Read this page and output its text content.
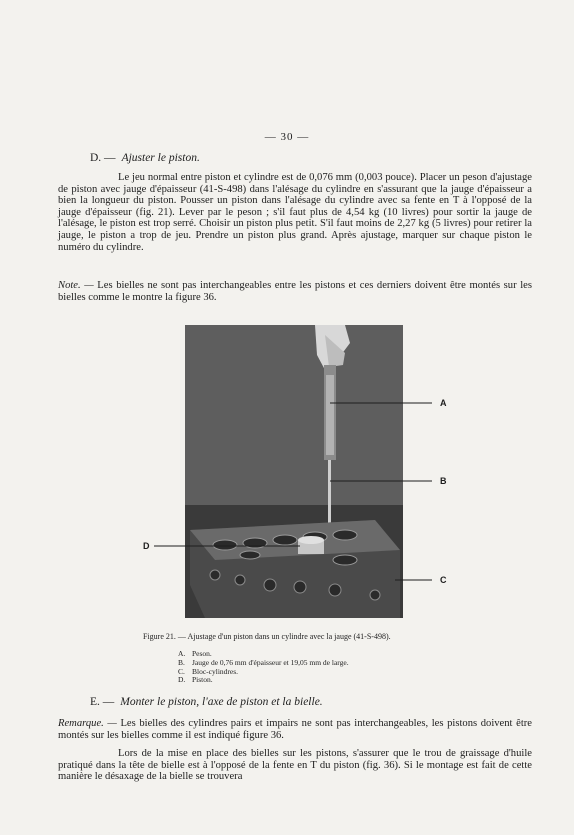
— 30 —
D. — Ajuster le piston.

Le jeu normal entre piston et cylindre est de 0,076 mm (0,003 pouce). Placer un peson d'ajustage de piston avec jauge d'épaisseur (41-S-498) dans l'alésage du cylindre en s'assurant que la jauge d'épaisseur a bien la longueur du piston. Pousser un piston dans l'alésage du cylindre avec sa fente en T à l'opposé de la jauge d'épaisseur (fig. 21). Lever par le peson ; s'il faut plus de 4,54 kg (10 livres) pour sortir la jauge de l'alésage, le piston est trop serré. Choisir un piston plus petit. S'il faut moins de 2,27 kg (5 livres) pour retirer la jauge, le piston a trop de jeu. Prendre un piston plus grand. Après ajustage, marquer sur chaque piston le numéro du cylindre.

Note. — Les bielles ne sont pas interchangeables entre les pistons et ces derniers doivent être montés sur les bielles comme le montre la figure 36.
A
B
C
D
Figure 21. — Ajustage d'un piston dans un cylindre avec la jauge (41-S-498).
A. Peson.
B. Jauge de 0,76 mm d'épaisseur et 19,05 mm de large.
C. Bloc-cylindres.
D. Piston.
E. — Monter le piston, l'axe de piston et la bielle.
Remarque. — Les bielles des cylindres pairs et impairs ne sont pas interchangeables, les pistons doivent être montés sur les bielles comme il est indiqué figure 36.

Lors de la mise en place des bielles sur les pistons, s'assurer que le trou de graissage d'huile pratiqué dans la tête de bielle est à l'opposé de la fente en T du piston (fig. 36). Si le montage est fait de cette manière le désaxage de la bielle se trouvera
